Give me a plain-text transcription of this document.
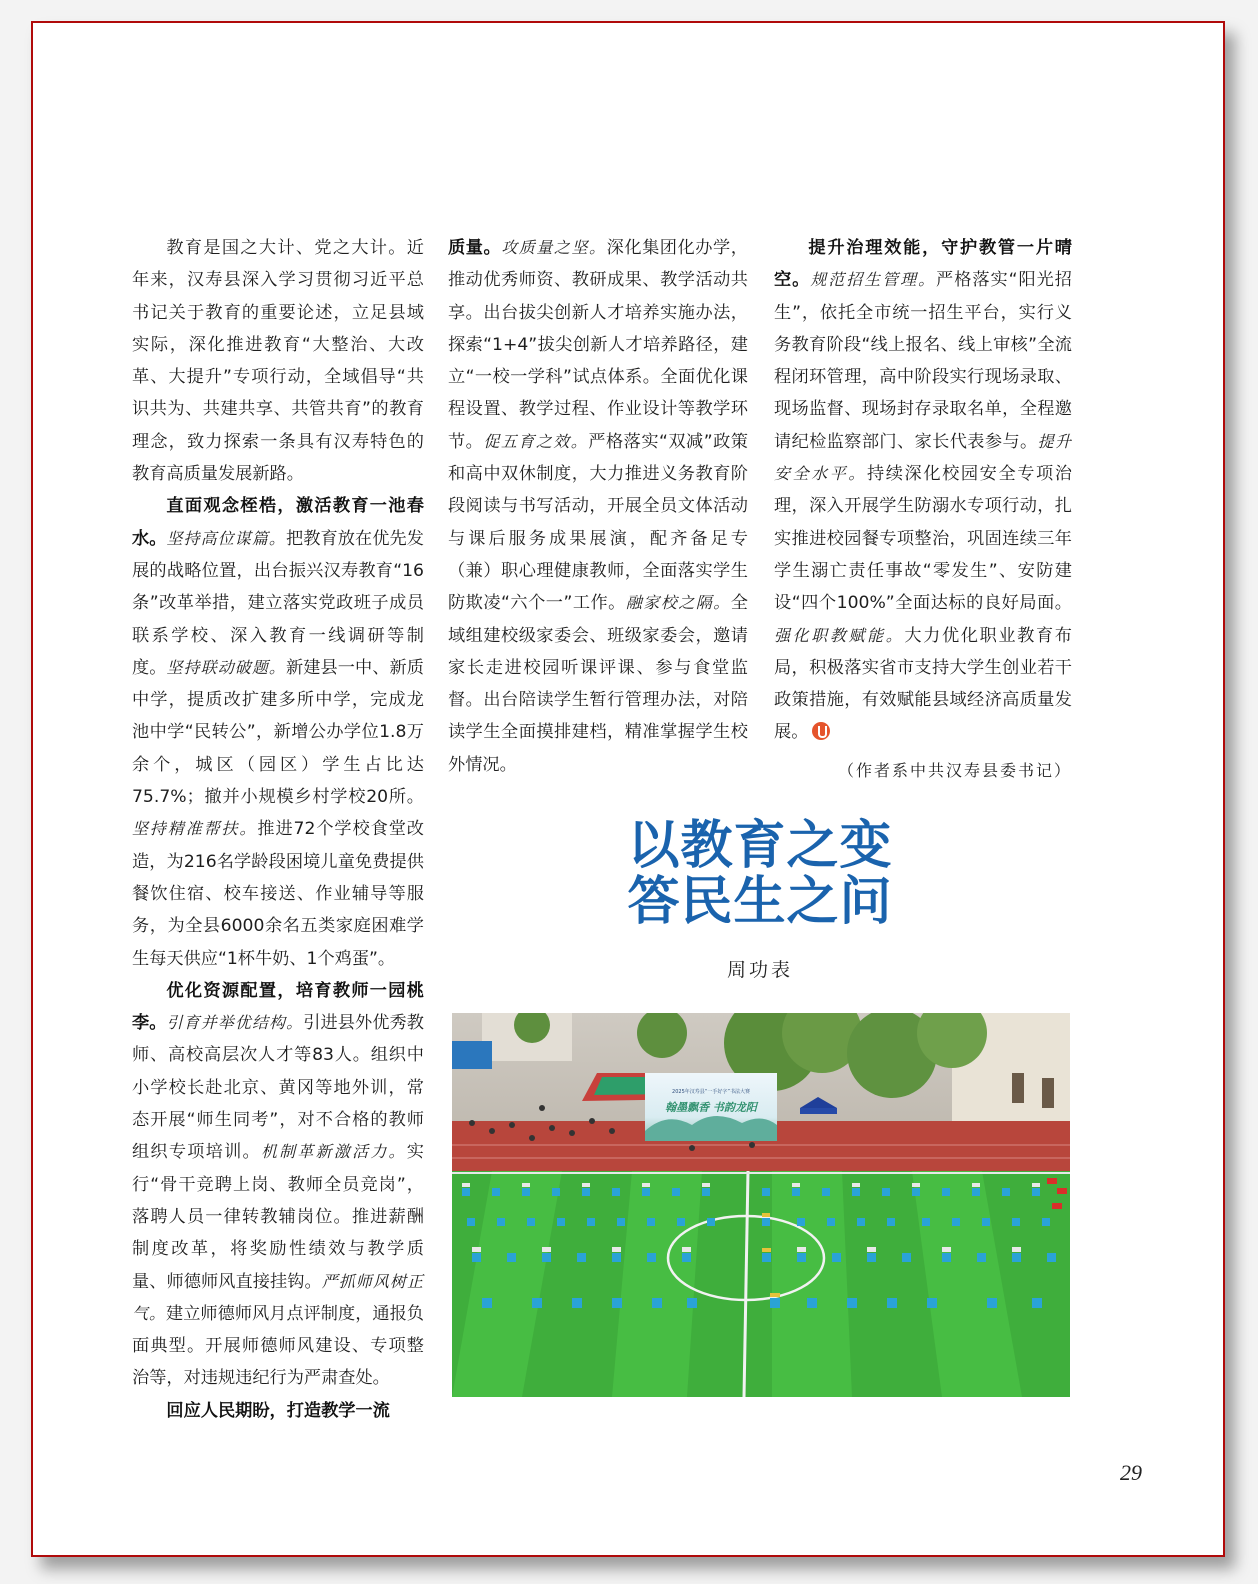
教育是国之大计、党之大计。近年来，汉寿县深入学习贯彻习近平总书记关于教育的重要论述，立足县域实际，深化推进教育“大整治、大改革、大提升”专项行动，全域倡导“共识共为、共建共享、共管共育”的教育理念，致力探索一条具有汉寿特色的教育高质量发展新路。

直面观念桎梏，激活教育一池春水。坚持高位谋篇。把教育放在优先发展的战略位置，出台振兴汉寿教育“16条”改革举措，建立落实党政班子成员联系学校、深入教育一线调研等制度。坚持联动破题。新建县一中、新质中学，提质改扩建多所中学，完成龙池中学“民转公”，新增公办学位1.8万余个，城区（园区）学生占比达75.7%；撤并小规模乡村学校20所。坚持精准帮扶。推进72个学校食堂改造，为216名学龄段困境儿童免费提供餐饮住宿、校车接送、作业辅导等服务，为全县6000余名五类家庭困难学生每天供应“1杯牛奶、1个鸡蛋”。

优化资源配置，培育教师一园桃李。引育并举优结构。引进县外优秀教师、高校高层次人才等83人。组织中小学校长赴北京、黄冈等地外训，常态开展“师生同考”，对不合格的教师组织专项培训。机制革新激活力。实行“骨干竞聘上岗、教师全员竞岗”，落聘人员一律转教辅岗位。推进薪酬制度改革，将奖励性绩效与教学质量、师德师风直接挂钩。严抓师风树正气。建立师德师风月点评制度，通报负面典型。开展师德师风建设、专项整治等，对违规违纪行为严肃查处。

回应人民期盼，打造教学一流

质量。攻质量之坚。深化集团化办学，推动优秀师资、教研成果、教学活动共享。出台拔尖创新人才培养实施办法，探索“1+4”拔尖创新人才培养路径，建立“一校一学科”试点体系。全面优化课程设置、教学过程、作业设计等教学环节。促五育之效。严格落实“双减”政策和高中双休制度，大力推进义务教育阶段阅读与书写活动，开展全员文体活动与课后服务成果展演，配齐备足专（兼）职心理健康教师，全面落实学生防欺凌“六个一”工作。融家校之隔。全域组建校级家委会、班级家委会，邀请家长走进校园听课评课、参与食堂监督。出台陪读学生暂行管理办法，对陪读学生全面摸排建档，精准掌握学生校外情况。

提升治理效能，守护教管一片晴空。规范招生管理。严格落实“阳光招生”，依托全市统一招生平台，实行义务教育阶段“线上报名、线上审核”全流程闭环管理，高中阶段实行现场录取、现场监督、现场封存录取名单，全程邀请纪检监察部门、家长代表参与。提升安全水平。持续深化校园安全专项治理，深入开展学生防溺水专项行动，扎实推进校园餐专项整治，巩固连续三年学生溺亡责任事故“零发生”、安防建设“四个100%”全面达标的良好局面。强化职教赋能。大力优化职业教育布局，积极落实省市支持大学生创业若干政策措施，有效赋能县域经济高质量发展。

（作者系中共汉寿县委书记）
以教育之变
答民生之问
周功表
2025年汉寿县“一手好字”书法大赛
翰墨飘香 书韵龙阳
29
